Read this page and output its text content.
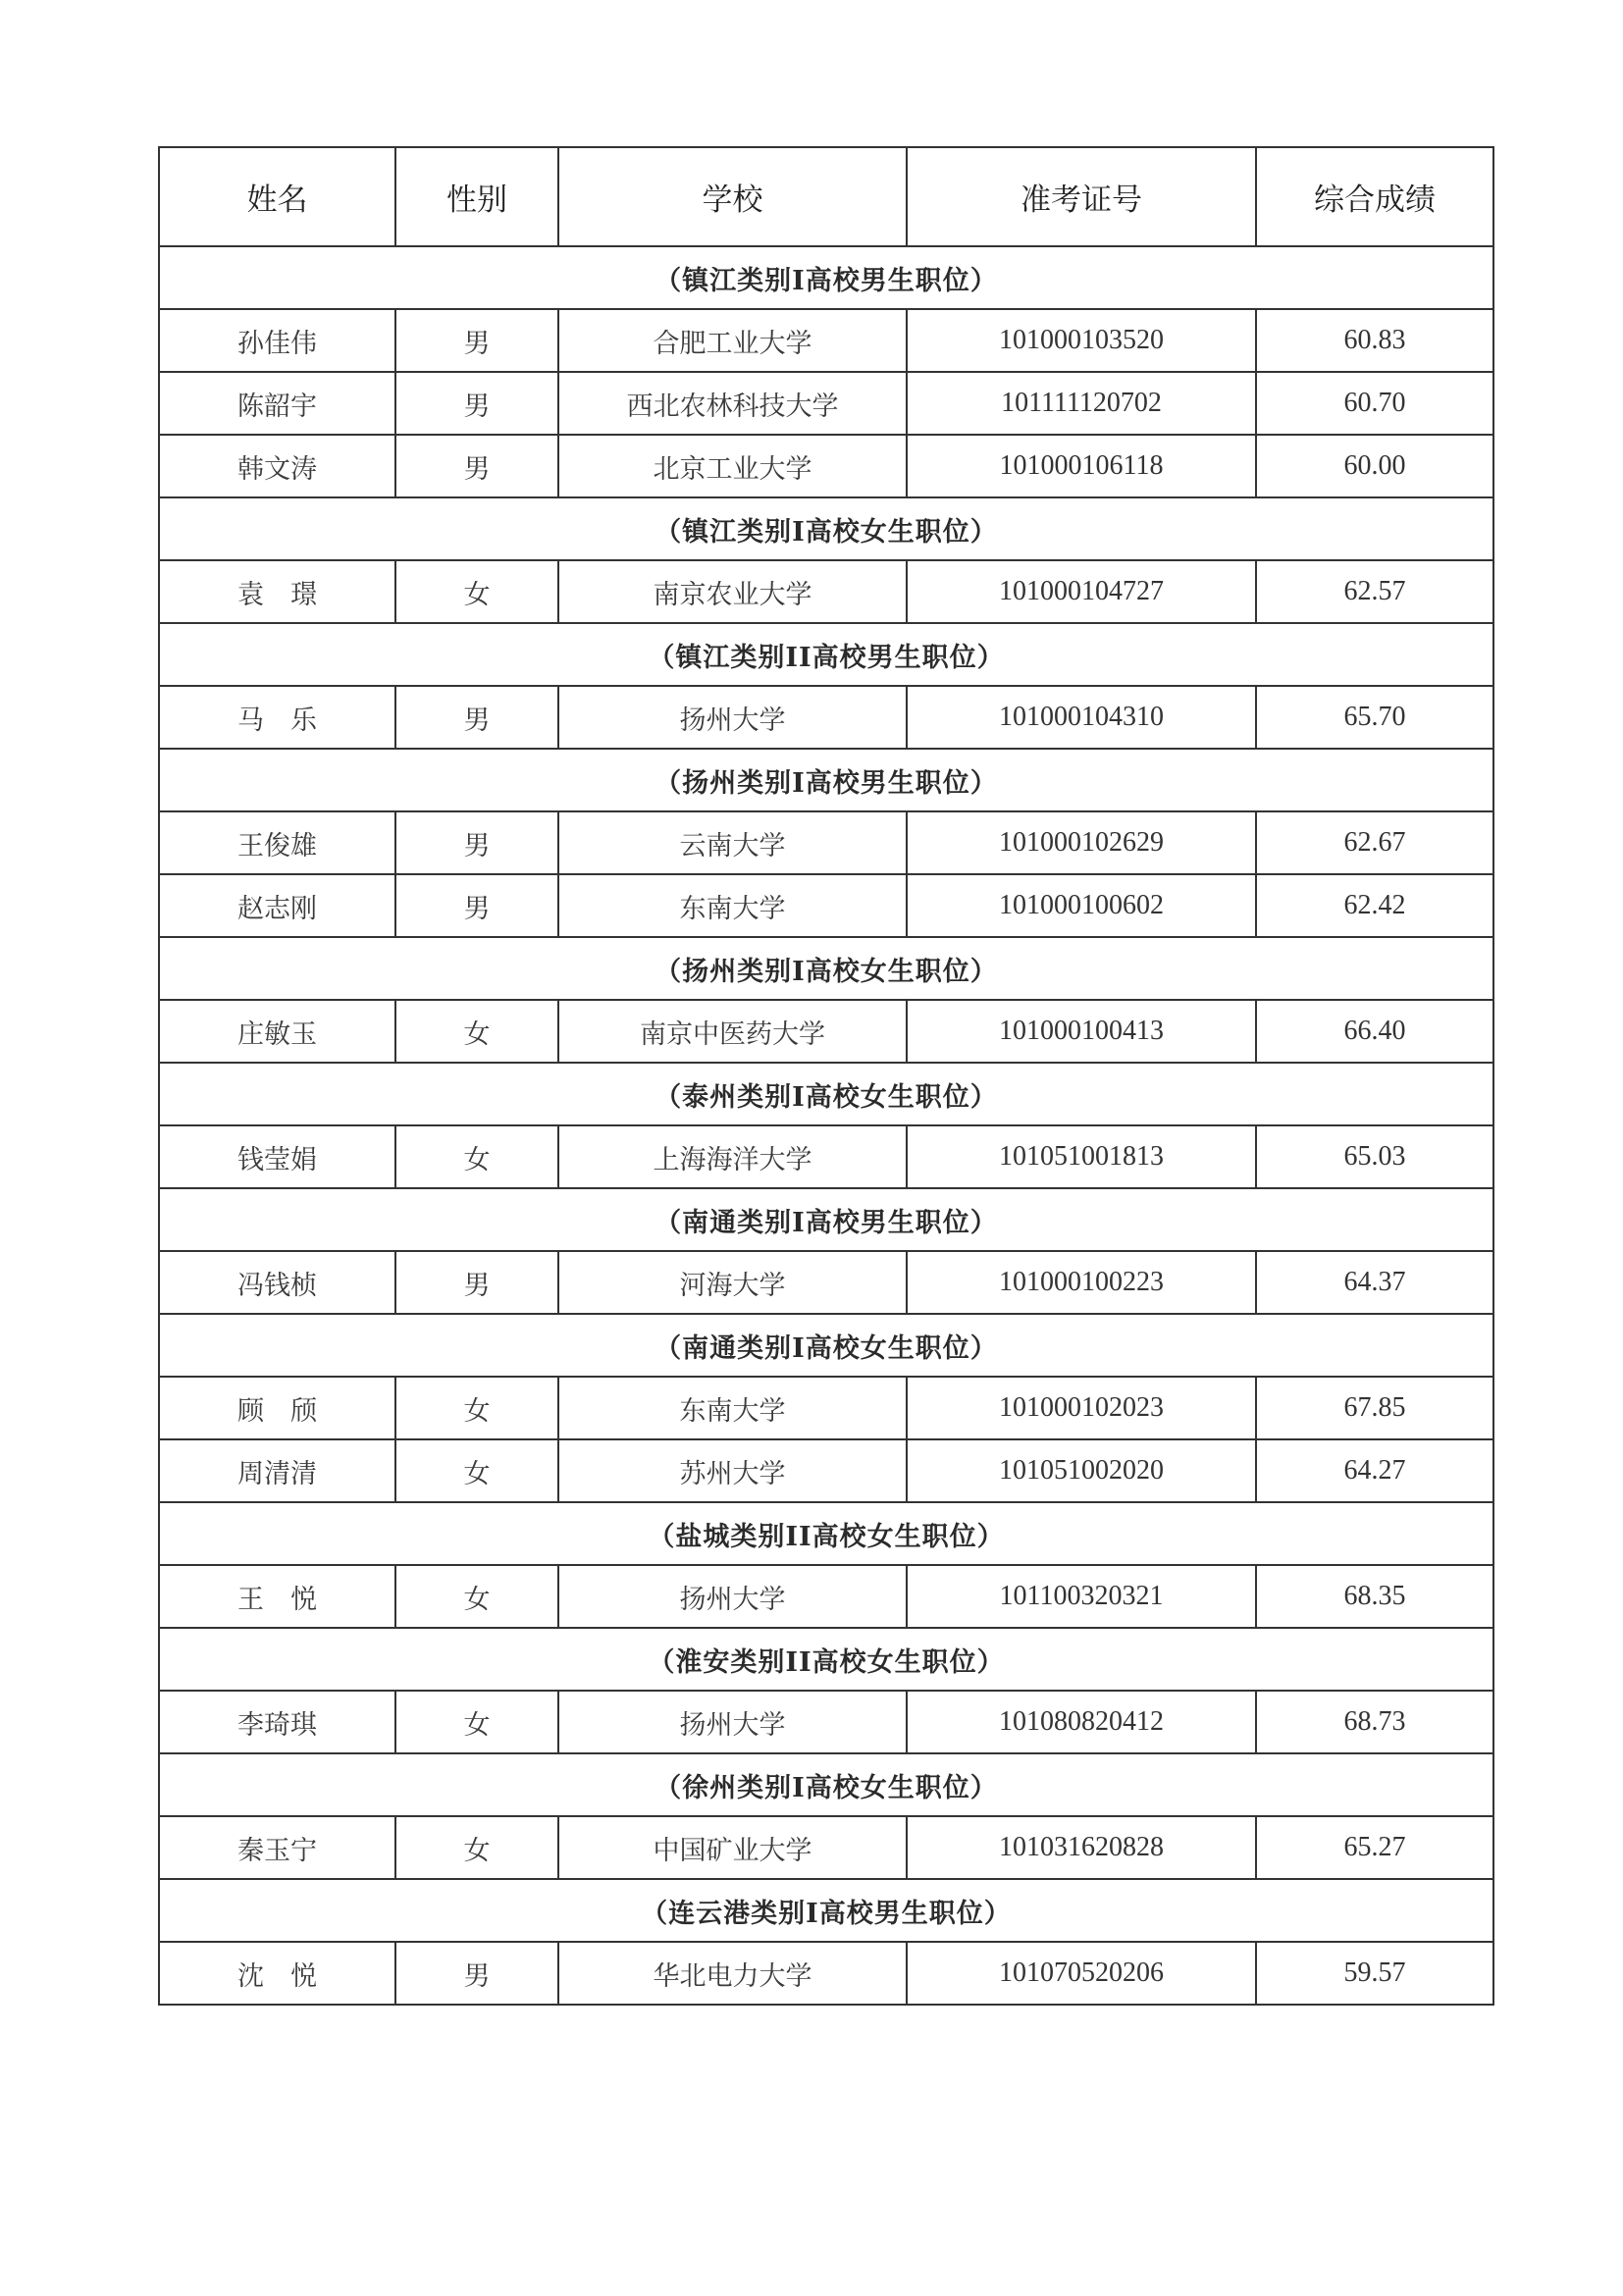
姓名	性别	学校	准考证号	综合成绩
（镇江类别I高校男生职位）				
孙佳伟	男	合肥工业大学	101000103520	60.83
陈韶宇	男	西北农林科技大学	101111120702	60.70
韩文涛	男	北京工业大学	101000106118	60.00
（镇江类别I高校女生职位）				
袁　璟	女	南京农业大学	101000104727	62.57
（镇江类别II高校男生职位）				
马　乐	男	扬州大学	101000104310	65.70
（扬州类别I高校男生职位）				
王俊雄	男	云南大学	101000102629	62.67
赵志刚	男	东南大学	101000100602	62.42
（扬州类别I高校女生职位）				
庄敏玉	女	南京中医药大学	101000100413	66.40
（泰州类别I高校女生职位）				
钱莹娟	女	上海海洋大学	101051001813	65.03
（南通类别I高校男生职位）				
冯钱桢	男	河海大学	101000100223	64.37
（南通类别I高校女生职位）				
顾　颀	女	东南大学	101000102023	67.85
周清清	女	苏州大学	101051002020	64.27
（盐城类别II高校女生职位）				
王　悦	女	扬州大学	101100320321	68.35
（淮安类别II高校女生职位）				
李琦琪	女	扬州大学	101080820412	68.73
（徐州类别I高校女生职位）				
秦玉宁	女	中国矿业大学	101031620828	65.27
（连云港类别I高校男生职位）				
沈　悦	男	华北电力大学	101070520206	59.57
